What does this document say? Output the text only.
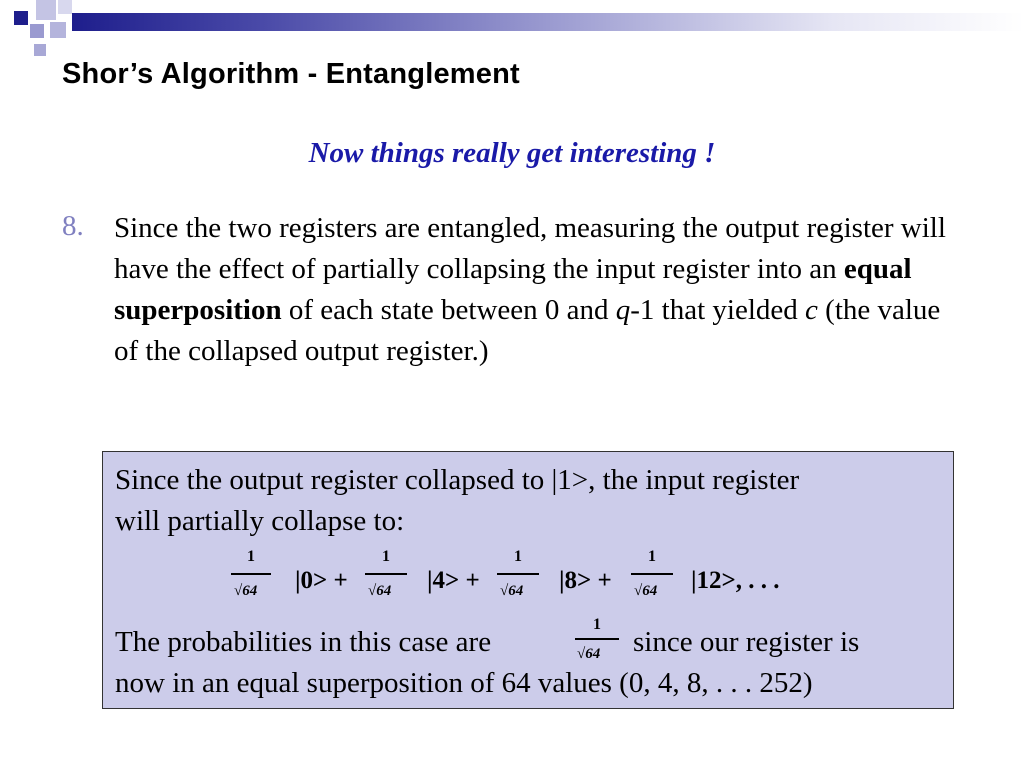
Shor’s Algorithm - Entanglement
Now things really get interesting !
8. Since the two registers are entangled, measuring the output register will have the effect of partially collapsing the input register into an equal superposition of each state between 0 and q-1 that yielded c (the value of the collapsed output register.)
Since the output register collapsed to |1>, the input register
will partially collapse to:
1
√64 |0> +
1
√64 |4> +
1
√64 |8> +
1
√64 |12>, . . .
The probabilities in this case are
1
√64 since our register is
now in an equal superposition of 64 values (0, 4, 8, . . . 252)
